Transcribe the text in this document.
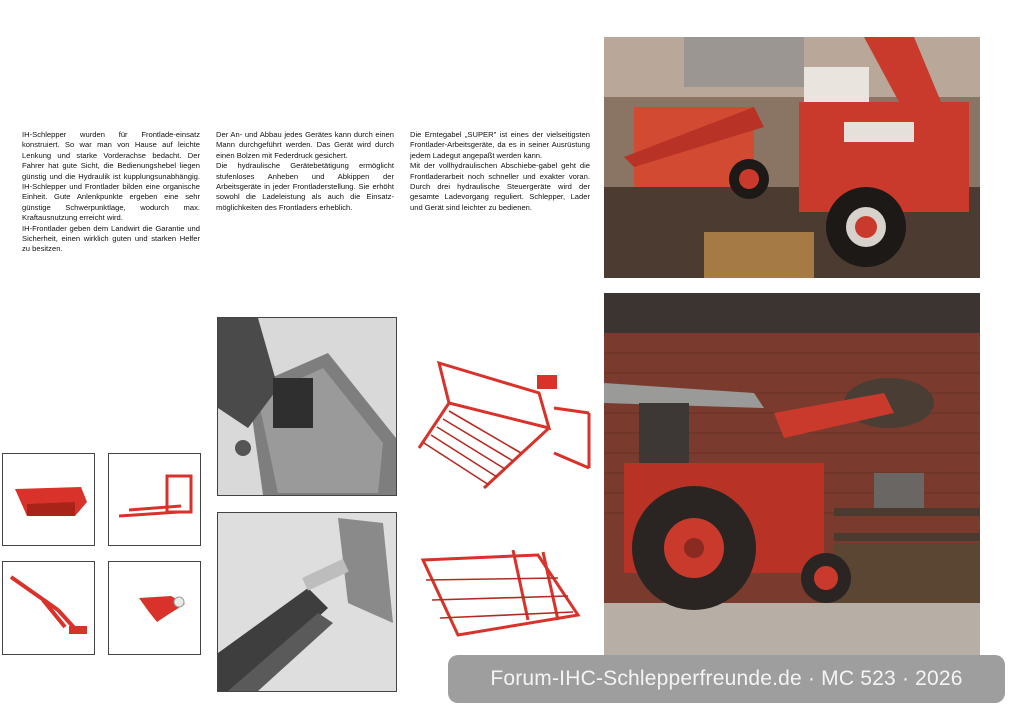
IH-Schlepper wurden für Frontlade-einsatz konstruiert. So war man von Hause auf leichte Lenkung und starke Vorderachse bedacht. Der Fahrer hat gute Sicht, die Bedienungshebel liegen günstig und die Hydraulik ist kupplungsunabhängig. IH-Schlepper und Frontlader bilden eine organische Einheit. Gute Anlenkpunkte ergeben eine sehr günstige Schwerpunktlage, wodurch max. Kraftausnutzung erreicht wird.

IH-Frontlader geben dem Landwirt die Garantie und Sicherheit, einen wirklich guten und starken Helfer zu besitzen.

Der An- und Abbau jedes Gerätes kann durch einen Mann durchgeführt werden. Das Gerät wird durch einen Bolzen mit Federdruck gesichert.

Die hydraulische Gerätebetätigung ermöglicht stufenloses Anheben und Abkippen der Arbeitsgeräte in jeder Frontladerstellung. Sie erhöht sowohl die Ladeleistung als auch die Einsatz-möglichkeiten des Frontladers erheblich.

Die Erntegabel „SUPER" ist eines der vielseitigsten Frontlader-Arbeitsgeräte, da es in seiner Ausrüstung jedem Ladegut angepaßt werden kann.

Mit der vollhydraulischen Abschiebe-gabel geht die Frontladerarbeit noch schneller und exakter voran. Durch drei hydraulische Steuergeräte wird der gesamte Ladevorgang reguliert. Schlepper, Lader und Gerät sind leichter zu bedienen.

Forum-IHC-Schlepperfreunde.de · MC 523 · 2026
